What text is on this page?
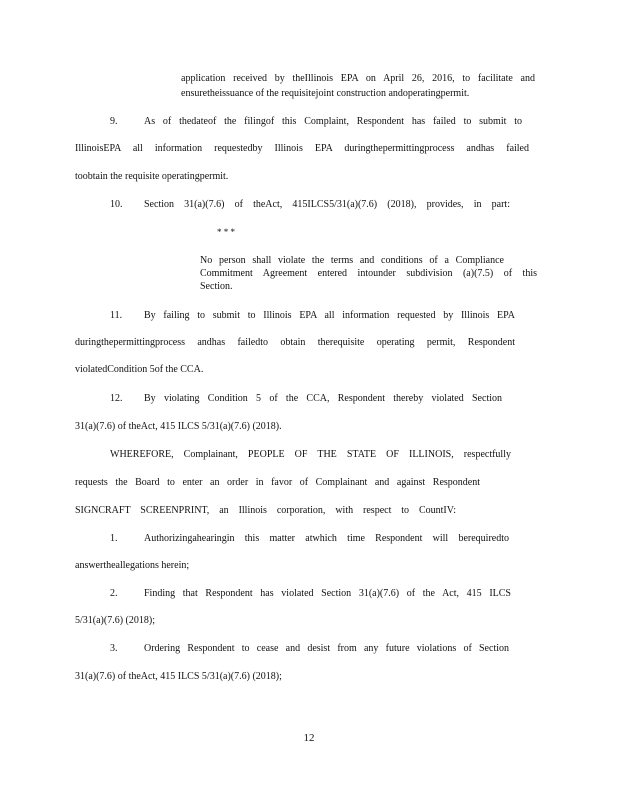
application received by theIllinois EPA on April 26, 2016, to facilitate and
ensuretheissuance of the requisitejoint construction andoperatingpermit.
9.	As of thedateof the filingof this Complaint, Respondent has failed to submit to
IllinoisEPA all information requestedby Illinois EPA duringthepermittingprocess andhas failed
toobtain the requisite operatingpermit.
10. Section 31(a)(7.6) of theAct, 415ILCS5/31(a)(7.6) (2018), provides, in part:
* * *
No person shall violate the terms and conditions of a Compliance
Commitment Agreement entered intounder subdivision (a)(7.5) of this
Section.
11. By failing to submit to Illinois EPA all information requested by Illinois EPA
duringthepermittingprocess andhas failedto obtain therequisite operating permit, Respondent
violatedCondition 5of the CCA.
12. By violating Condition 5 of the CCA, Respondent thereby violated Section
31(a)(7.6) of theAct, 415 ILCS 5/31(a)(7.6) (2018).
WHEREFORE, Complainant, PEOPLE OF THE STATE OF ILLINOIS, respectfully
requests the Board to enter an order in favor of Complainant and against Respondent
SIGNCRAFT SCREENPRINT, an Illinois corporation, with respect to CountIV:
1.	Authorizingahearingin this matter atwhich time Respondent will berequiredto
answertheallegations herein;
2.	Finding that Respondent has violated Section 31(a)(7.6) of the Act, 415 ILCS
5/31(a)(7.6) (2018);
3.	Ordering Respondent to cease and desist from any future violations of Section
31(a)(7.6) of theAct, 415 ILCS 5/31(a)(7.6) (2018);
12
